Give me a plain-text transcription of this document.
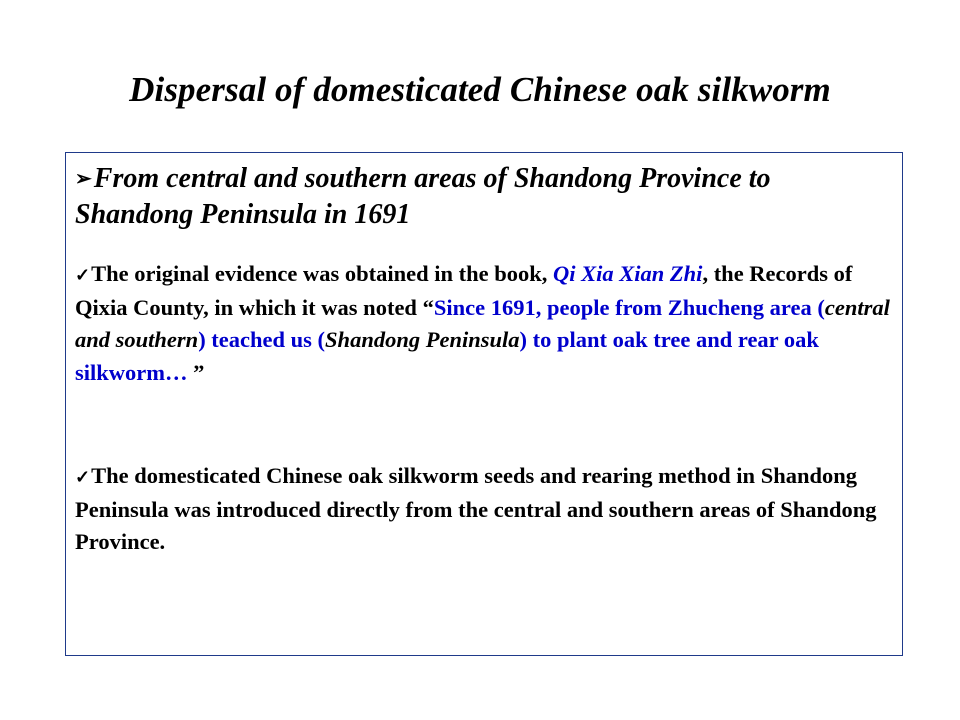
Dispersal of domesticated Chinese oak silkworm

➢From central and southern areas of Shandong Province to Shandong Peninsula in 1691

✓The original evidence was obtained in the book, Qi Xia Xian Zhi, the Records of Qixia County, in which it was noted “Since 1691, people from Zhucheng area (central and southern) teached us (Shandong Peninsula) to plant oak tree and rear oak silkworm… ”

✓The domesticated Chinese oak silkworm seeds and rearing method in Shandong Peninsula was introduced directly from the central and southern areas of Shandong Province.
